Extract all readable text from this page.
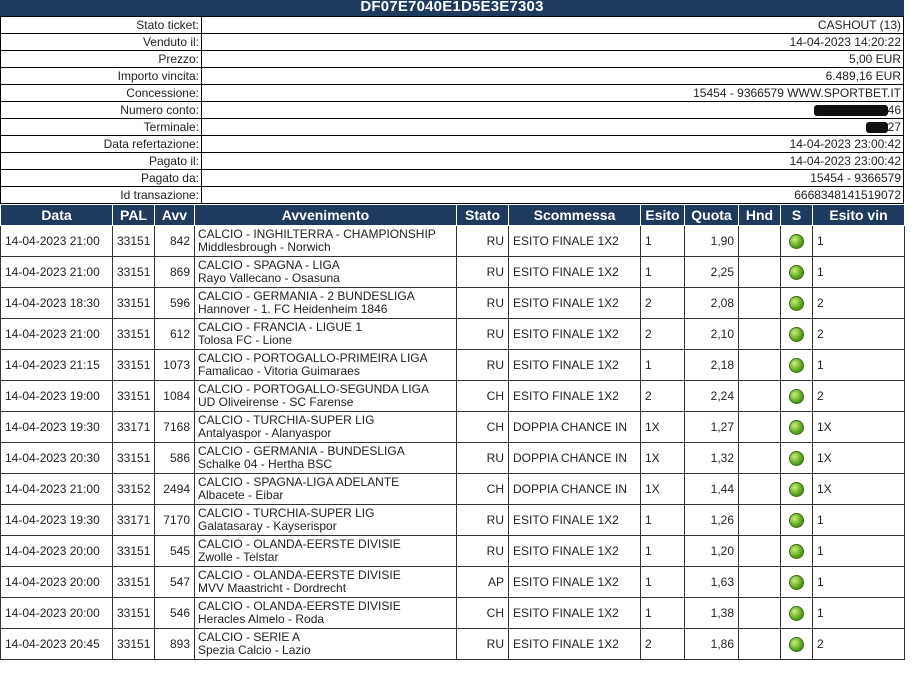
DF07E7040E1D5E3E7303
Stato ticket:	CASHOUT (13)
Venduto il:	14-04-2023 14:20:22
Prezzo:	5,00 EUR
Importo vincita:	6.489,16 EUR
Concessione:	15454 - 9366579 WWW.SPORTBET.IT
Numero conto:	46
Terminale:	27
Data refertazione:	14-04-2023 23:00:42
Pagato il:	14-04-2023 23:00:42
Pagato da:	15454 - 9366579
Id transazione:	6668348141519072
Data	PAL	Avv	Avvenimento	Stato	Scommessa	Esito	Quota	Hnd	S	Esito vin
14-04-2023 21:00	33151	842	CALCIO - INGHILTERRA - CHAMPIONSHIP
Middlesbrough - Norwich	RU	ESITO FINALE 1X2	1	1,90			1
14-04-2023 21:00	33151	869	CALCIO - SPAGNA - LIGA
Rayo Vallecano - Osasuna	RU	ESITO FINALE 1X2	1	2,25			1
14-04-2023 18:30	33151	596	CALCIO - GERMANIA - 2 BUNDESLIGA
Hannover - 1. FC Heidenheim 1846	RU	ESITO FINALE 1X2	2	2,08			2
14-04-2023 21:00	33151	612	CALCIO - FRANCIA - LIGUE 1
Tolosa FC - Lione	RU	ESITO FINALE 1X2	2	2,10			2
14-04-2023 21:15	33151	1073	CALCIO - PORTOGALLO-PRIMEIRA LIGA
Famalicao - Vitoria Guimaraes	RU	ESITO FINALE 1X2	1	2,18			1
14-04-2023 19:00	33151	1084	CALCIO - PORTOGALLO-SEGUNDA LIGA
UD Oliveirense - SC Farense	CH	ESITO FINALE 1X2	2	2,24			2
14-04-2023 19:30	33171	7168	CALCIO - TURCHIA-SUPER LIG
Antalyaspor - Alanyaspor	CH	DOPPIA CHANCE IN	1X	1,27			1X
14-04-2023 20:30	33151	586	CALCIO - GERMANIA - BUNDESLIGA
Schalke 04 - Hertha BSC	RU	DOPPIA CHANCE IN	1X	1,32			1X
14-04-2023 21:00	33152	2494	CALCIO - SPAGNA-LIGA ADELANTE
Albacete - Eibar	CH	DOPPIA CHANCE IN	1X	1,44			1X
14-04-2023 19:30	33171	7170	CALCIO - TURCHIA-SUPER LIG
Galatasaray - Kayserispor	RU	ESITO FINALE 1X2	1	1,26			1
14-04-2023 20:00	33151	545	CALCIO - OLANDA-EERSTE DIVISIE
Zwolle - Telstar	RU	ESITO FINALE 1X2	1	1,20			1
14-04-2023 20:00	33151	547	CALCIO - OLANDA-EERSTE DIVISIE
MVV Maastricht - Dordrecht	AP	ESITO FINALE 1X2	1	1,63			1
14-04-2023 20:00	33151	546	CALCIO - OLANDA-EERSTE DIVISIE
Heracles Almelo - Roda	CH	ESITO FINALE 1X2	1	1,38			1
14-04-2023 20:45	33151	893	CALCIO - SERIE A
Spezia Calcio - Lazio	RU	ESITO FINALE 1X2	2	1,86			2
